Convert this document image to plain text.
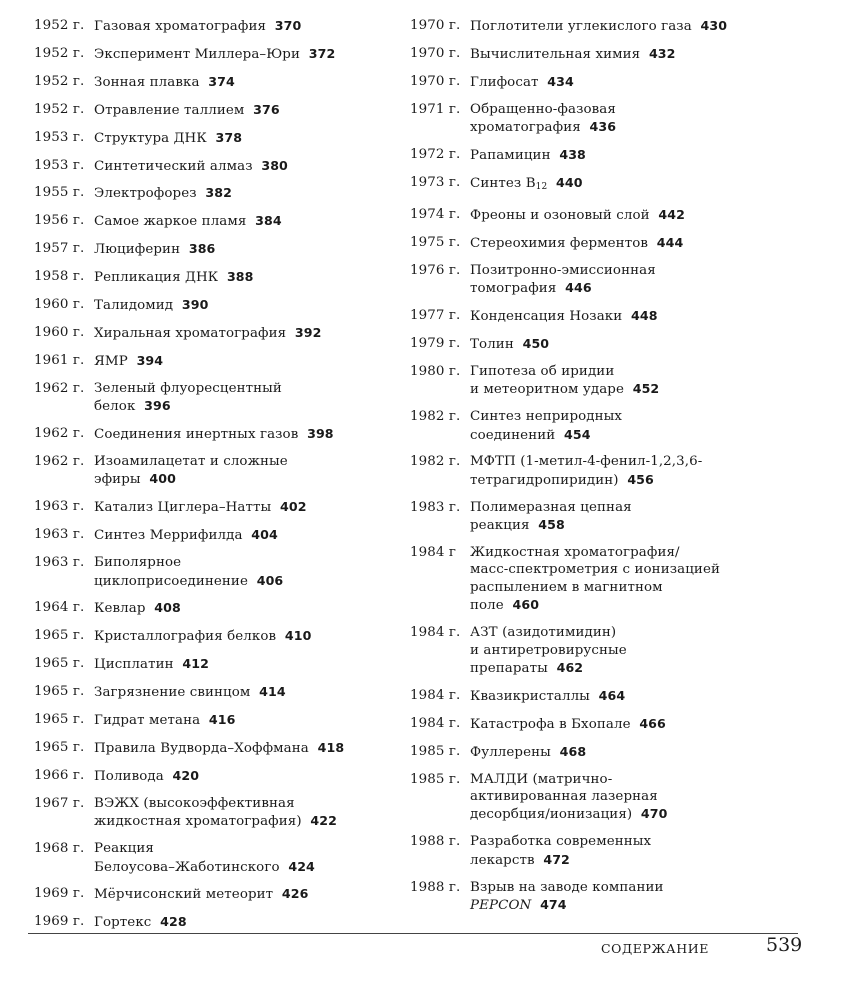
1952 г. Газовая хроматография 370
1952 г. Эксперимент Миллера–Юри 372
1952 г. Зонная плавка 374
1952 г. Отравление таллием 376
1953 г. Структура ДНК 378
1953 г. Синтетический алмаз 380
1955 г. Электрофорез 382
1956 г. Самое жаркое пламя 384
1957 г. Люциферин 386
1958 г. Репликация ДНК 388
1960 г. Талидомид 390
1960 г. Хиральная хроматография 392
1961 г. ЯМР 394
1962 г. Зеленый флуоресцентный
белок 396
1962 г. Соединения инертных газов 398
1962 г. Изоамилацетат и сложные
эфиры 400
1963 г. Катализ Циглера–Натты 402
1963 г. Синтез Меррифилда 404
1963 г. Биполярное
циклоприсоединение 406
1964 г. Кевлар 408
1965 г. Кристаллография белков 410
1965 г. Цисплатин 412
1965 г. Загрязнение свинцом 414
1965 г. Гидрат метана 416
1965 г. Правила Вудворда–Хоффмана 418
1966 г. Поливода 420
1967 г. ВЭЖХ (высокоэффективная
жидкостная хроматография) 422
1968 г. Реакция
Белоусова–Жаботинского 424
1969 г. Мёрчисонский метеорит 426
1969 г. Гортекс 428
1970 г. Поглотители углекислого газа 430
1970 г. Вычислительная химия 432
1970 г. Глифосат 434
1971 г. Обращенно-фазовая
хроматография 436
1972 г. Рапамицин 438
1973 г. Синтез $B_{12}$ 440
1974 г. Фреоны и озоновый слой 442
1975 г. Стереохимия ферментов 444
1976 г. Позитронно-эмиссионная
томография 446
1977 г. Конденсация Нозаки 448
1979 г. Толин 450
1980 г. Гипотеза об иридии
и метеоритном ударе 452
1982 г. Синтез неприродных
соединений 454
1982 г. МФТП (1-метил-4-фенил-1,2,3,6-
тетрагидропиридин) 456
1983 г. Полимеразная цепная
реакция 458
1984 г	Жидкостная хроматография/
масс-спектрометрия с ионизацией
распылением в магнитном
поле 460
1984 г. АЗТ (азидотимидин)
и антиретровирусные
препараты 462
1984 г. Квазикристаллы 464
1984 г. Катастрофа в Бхопале 466
1985 г. Фуллерены 468
1985 г. МАЛДИ (матрично-
активированная лазерная
десорбция/ионизация) 470
1988 г. Разработка современных
лекарств 472
1988 г. Взрыв на заводе компании
PEPCON 474
СОДЕРЖАНИЕ	539
